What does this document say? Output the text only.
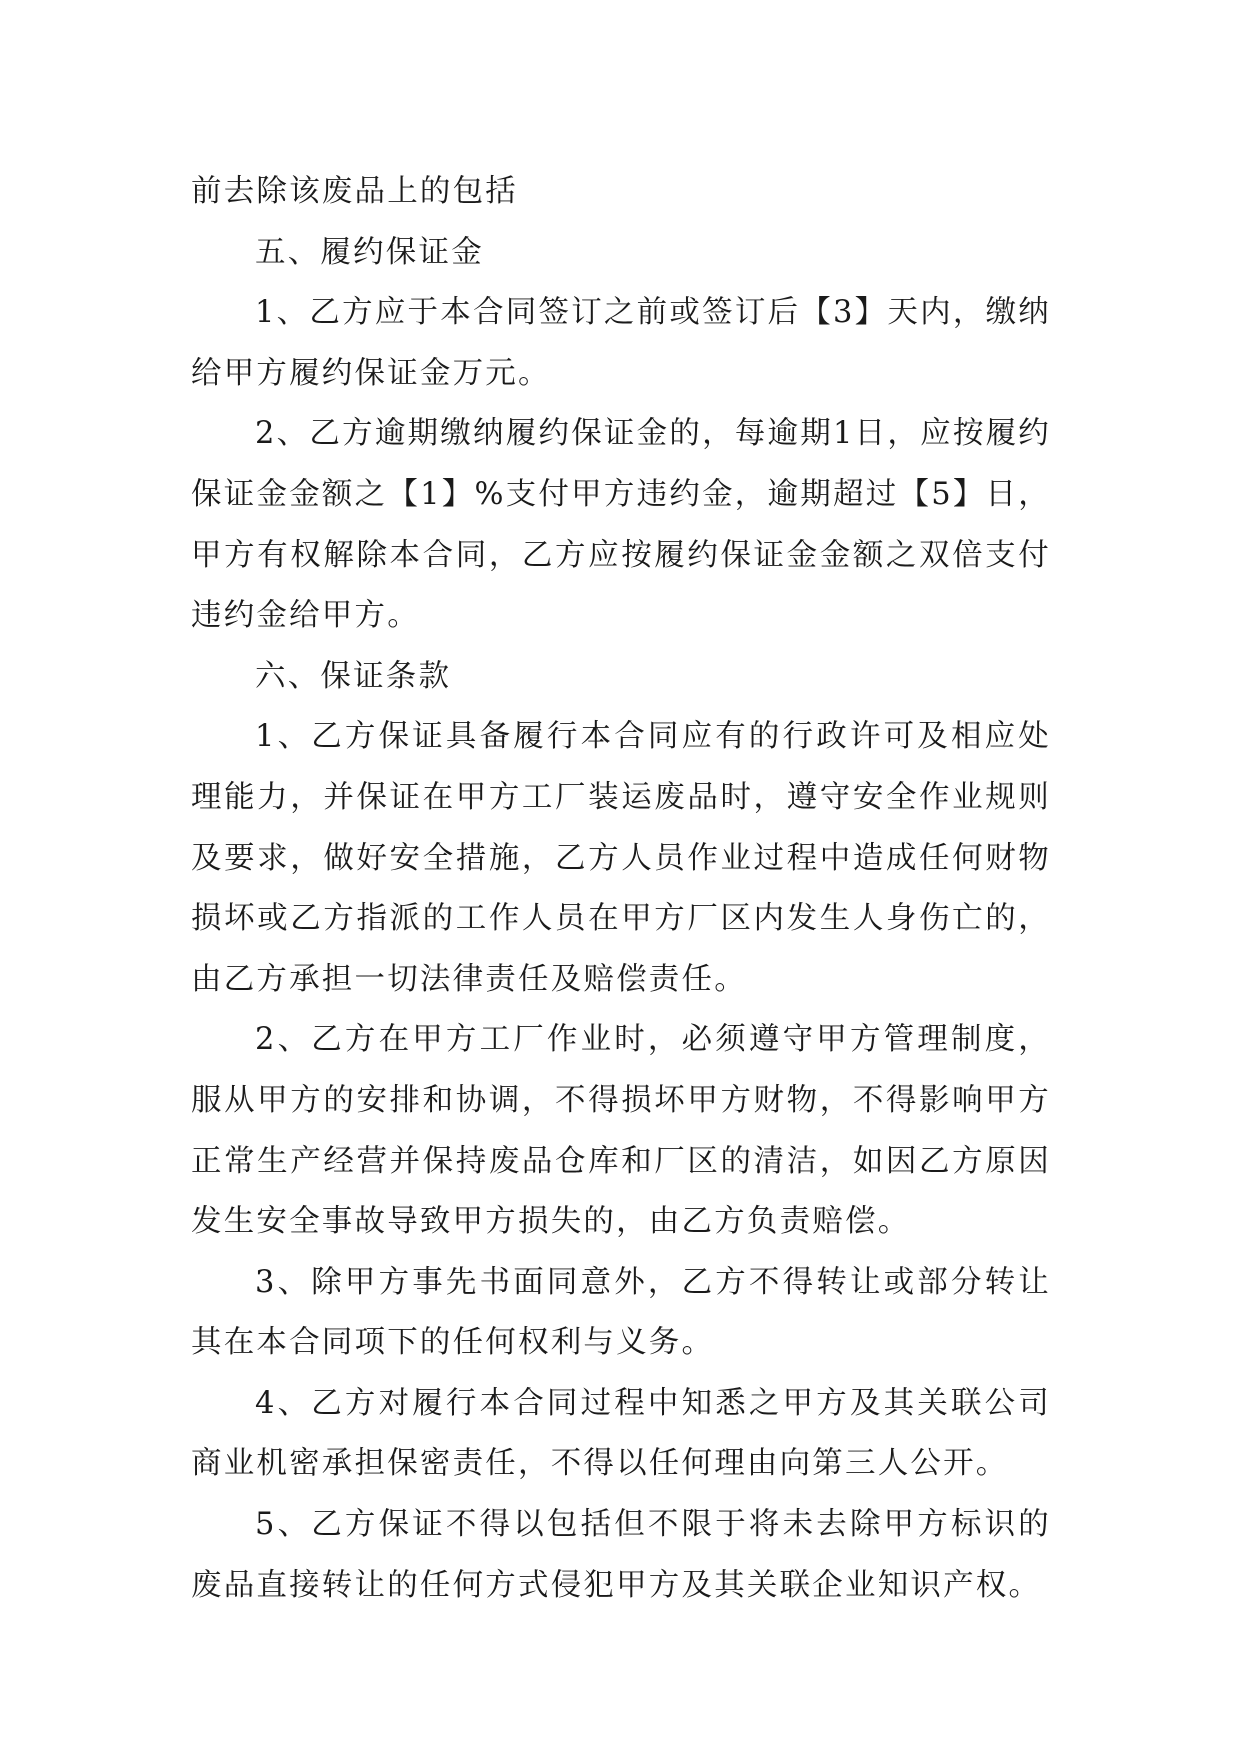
前去除该废品上的包括

五、履约保证金

1、乙方应于本合同签订之前或签订后【3】天内，缴纳给甲方履约保证金万元。

2、乙方逾期缴纳履约保证金的，每逾期1日，应按履约保证金金额之【1】%支付甲方违约金，逾期超过【5】日，甲方有权解除本合同，乙方应按履约保证金金额之双倍支付违约金给甲方。

六、保证条款

1、乙方保证具备履行本合同应有的行政许可及相应处理能力，并保证在甲方工厂装运废品时，遵守安全作业规则及要求，做好安全措施，乙方人员作业过程中造成任何财物损坏或乙方指派的工作人员在甲方厂区内发生人身伤亡的，由乙方承担一切法律责任及赔偿责任。

2、乙方在甲方工厂作业时，必须遵守甲方管理制度，服从甲方的安排和协调，不得损坏甲方财物，不得影响甲方正常生产经营并保持废品仓库和厂区的清洁，如因乙方原因发生安全事故导致甲方损失的，由乙方负责赔偿。

3、除甲方事先书面同意外，乙方不得转让或部分转让其在本合同项下的任何权利与义务。

4、乙方对履行本合同过程中知悉之甲方及其关联公司商业机密承担保密责任，不得以任何理由向第三人公开。

5、乙方保证不得以包括但不限于将未去除甲方标识的废品直接转让的任何方式侵犯甲方及其关联企业知识产权。
